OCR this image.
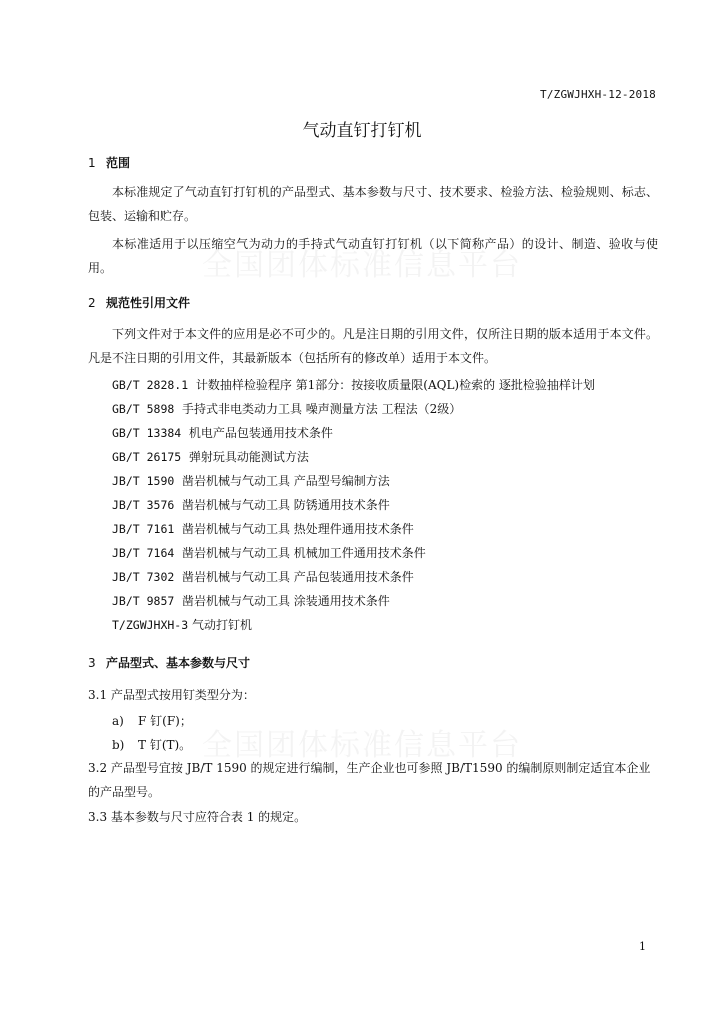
T/ZGWJHXH-12-2018
气动直钉打钉机
全国团体标准信息平台
全国团体标准信息平台
1 范围
本标准规定了气动直钉打钉机的产品型式、基本参数与尺寸、技术要求、检验方法、检验规则、标志、包装、运输和贮存。
本标准适用于以压缩空气为动力的手持式气动直钉打钉机（以下简称产品）的设计、制造、验收与使用。
2 规范性引用文件
下列文件对于本文件的应用是必不可少的。凡是注日期的引用文件，仅所注日期的版本适用于本文件。凡是不注日期的引用文件，其最新版本（包括所有的修改单）适用于本文件。
GB/T 2828.1 计数抽样检验程序 第1部分：按接收质量限(AQL)检索的 逐批检验抽样计划
GB/T 5898 手持式非电类动力工具 噪声测量方法 工程法（2级）
GB/T 13384 机电产品包装通用技术条件
GB/T 26175 弹射玩具动能测试方法
JB/T 1590 凿岩机械与气动工具 产品型号编制方法
JB/T 3576 凿岩机械与气动工具 防锈通用技术条件
JB/T 7161 凿岩机械与气动工具 热处理件通用技术条件
JB/T 7164 凿岩机械与气动工具 机械加工件通用技术条件
JB/T 7302 凿岩机械与气动工具 产品包装通用技术条件
JB/T 9857 凿岩机械与气动工具 涂装通用技术条件
T/ZGWJHXH-3 气动打钉机
3 产品型式、基本参数与尺寸
3.1 产品型式按用钉类型分为：
a) F 钉(F)；
b) T 钉(T)。
3.2 产品型号宜按 JB/T 1590 的规定进行编制，生产企业也可参照 JB/T1590 的编制原则制定适宜本企业的产品型号。
3.3 基本参数与尺寸应符合表 1 的规定。
1
